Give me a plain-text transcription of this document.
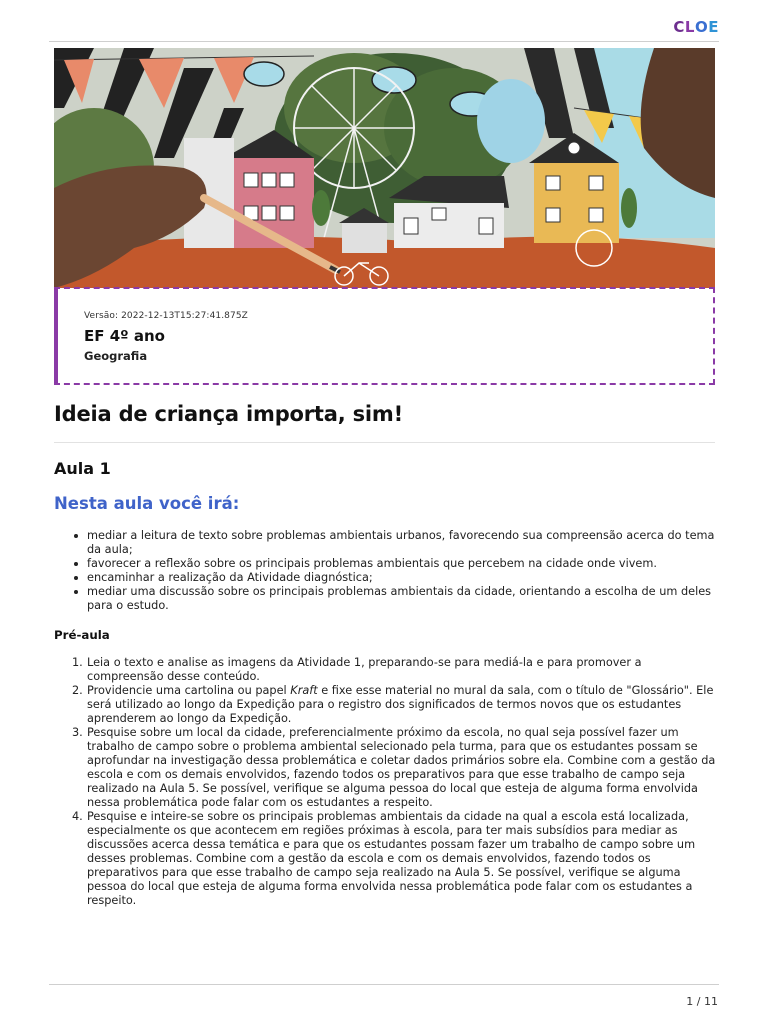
C L O E
Versão: 2022-12-13T15:27:41.875Z
EF 4º ano
Geografia
Ideia de criança importa, sim!
Aula 1
Nesta aula você irá:
mediar a leitura de texto sobre problemas ambientais urbanos, favorecendo sua compreensão acerca do tema da aula;
favorecer a reflexão sobre os principais problemas ambientais que percebem na cidade onde vivem.
encaminhar a realização da Atividade diagnóstica;
mediar uma discussão sobre os principais problemas ambientais da cidade, orientando a escolha de um deles para o estudo.
Pré-aula
1. Leia o texto e analise as imagens da Atividade 1, preparando-se para mediá-la e para promover a compreensão desse conteúdo.
2. Providencie uma cartolina ou papel Kraft e fixe esse material no mural da sala, com o título de "Glossário". Ele será utilizado ao longo da Expedição para o registro dos significados de termos novos que os estudantes aprenderem ao longo da Expedição.
3. Pesquise sobre um local da cidade, preferencialmente próximo da escola, no qual seja possível fazer um trabalho de campo sobre o problema ambiental selecionado pela turma, para que os estudantes possam se aprofundar na investigação dessa problemática e coletar dados primários sobre ela. Combine com a gestão da escola e com os demais envolvidos, fazendo todos os preparativos para que esse trabalho de campo seja realizado na Aula 5. Se possível, verifique se alguma pessoa do local que esteja de alguma forma envolvida nessa problemática pode falar com os estudantes a respeito.
4. Pesquise e inteire-se sobre os principais problemas ambientais da cidade na qual a escola está localizada, especialmente os que acontecem em regiões próximas à escola, para ter mais subsídios para mediar as discussões acerca dessa temática e para que os estudantes possam fazer um trabalho de campo sobre um desses problemas. Combine com a gestão da escola e com os demais envolvidos, fazendo todos os preparativos para que esse trabalho de campo seja realizado na Aula 5. Se possível, verifique se alguma pessoa do local que esteja de alguma forma envolvida nessa problemática pode falar com os estudantes a respeito.
1 / 11
